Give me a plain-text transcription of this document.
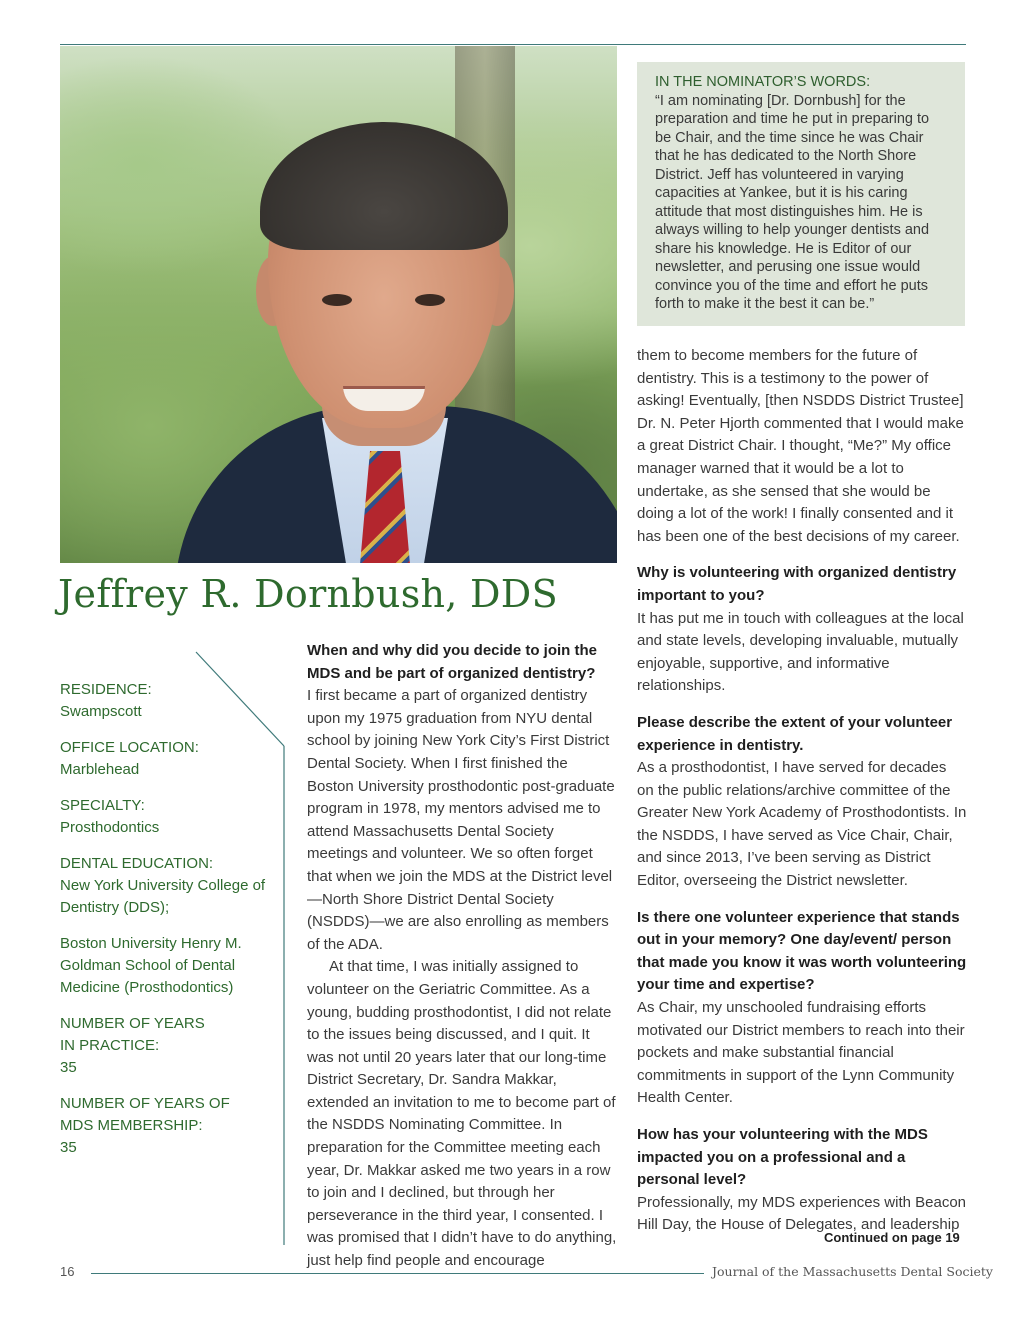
IN THE NOMINATOR’S WORDS:
“I am nominating [Dr. Dornbush] for the preparation and time he put in preparing to be Chair, and the time since he was Chair that he has dedicated to the North Shore District. Jeff has volunteered in varying capacities at Yankee, but it is his caring attitude that most distinguishes him. He is always willing to help younger dentists and share his knowledge. He is Editor of our newsletter, and perusing one issue would convince you of the time and effort he puts forth to make it the best it can be.”
Jeffrey R. Dornbush, DDS
RESIDENCE:
Swampscott
OFFICE LOCATION:
Marblehead
SPECIALTY:
Prosthodontics
DENTAL EDUCATION:
New York University College of Dentistry (DDS);
Boston University Henry M. Goldman School of Dental Medicine (Prosthodontics)
NUMBER OF YEARS IN PRACTICE:
35
NUMBER OF YEARS OF MDS MEMBERSHIP:
35
When and why did you decide to join the MDS and be part of organized dentistry?

I first became a part of organized dentistry upon my 1975 graduation from NYU dental school by joining New York City’s First District Dental Society. When I first finished the Boston University prosthodontic post-graduate program in 1978, my mentors advised me to attend Massachusetts Dental Society meetings and volunteer. We so often forget that when we join the MDS at the District level—North Shore District Dental Society (NSDDS)—we are also enrolling as members of the ADA.

At that time, I was initially assigned to volunteer on the Geriatric Committee. As a young, budding prosthodontist, I did not relate to the issues being discussed, and I quit. It was not until 20 years later that our long-time District Secretary, Dr. Sandra Makkar, extended an invitation to me to become part of the NSDDS Nominating Committee. In preparation for the Committee meeting each year, Dr. Makkar asked me two years in a row to join and I declined, but through her perseverance in the third year, I consented. I was promised that I didn’t have to do anything, just help find people and encourage

them to become members for the future of dentistry. This is a testimony to the power of asking! Eventually, [then NSDDS District Trustee] Dr. N. Peter Hjorth commented that I would make a great District Chair. I thought, “Me?” My office manager warned that it would be a lot to undertake, as she sensed that she would be doing a lot of the work! I finally consented and it has been one of the best decisions of my career.

Why is volunteering with organized dentistry important to you?

It has put me in touch with colleagues at the local and state levels, developing invaluable, mutually enjoyable, supportive, and informative relationships.

Please describe the extent of your volunteer experience in dentistry.

As a prosthodontist, I have served for decades on the public relations/archive committee of the Greater New York Academy of Prosthodontists. In the NSDDS, I have served as Vice Chair, Chair, and since 2013, I’ve been serving as District Editor, overseeing the District newsletter.

Is there one volunteer experience that stands out in your memory? One day/event/ person that made you know it was worth volunteering your time and expertise?

As Chair, my unschooled fundraising efforts motivated our District members to reach into their pockets and make substantial financial commitments in support of the Lynn Community Health Center.

How has your volunteering with the MDS impacted you on a professional and a personal level?

Professionally, my MDS experiences with Beacon Hill Day, the House of Delegates, and leadership

Continued on page 19
16	Journal of the Massachusetts Dental Society
